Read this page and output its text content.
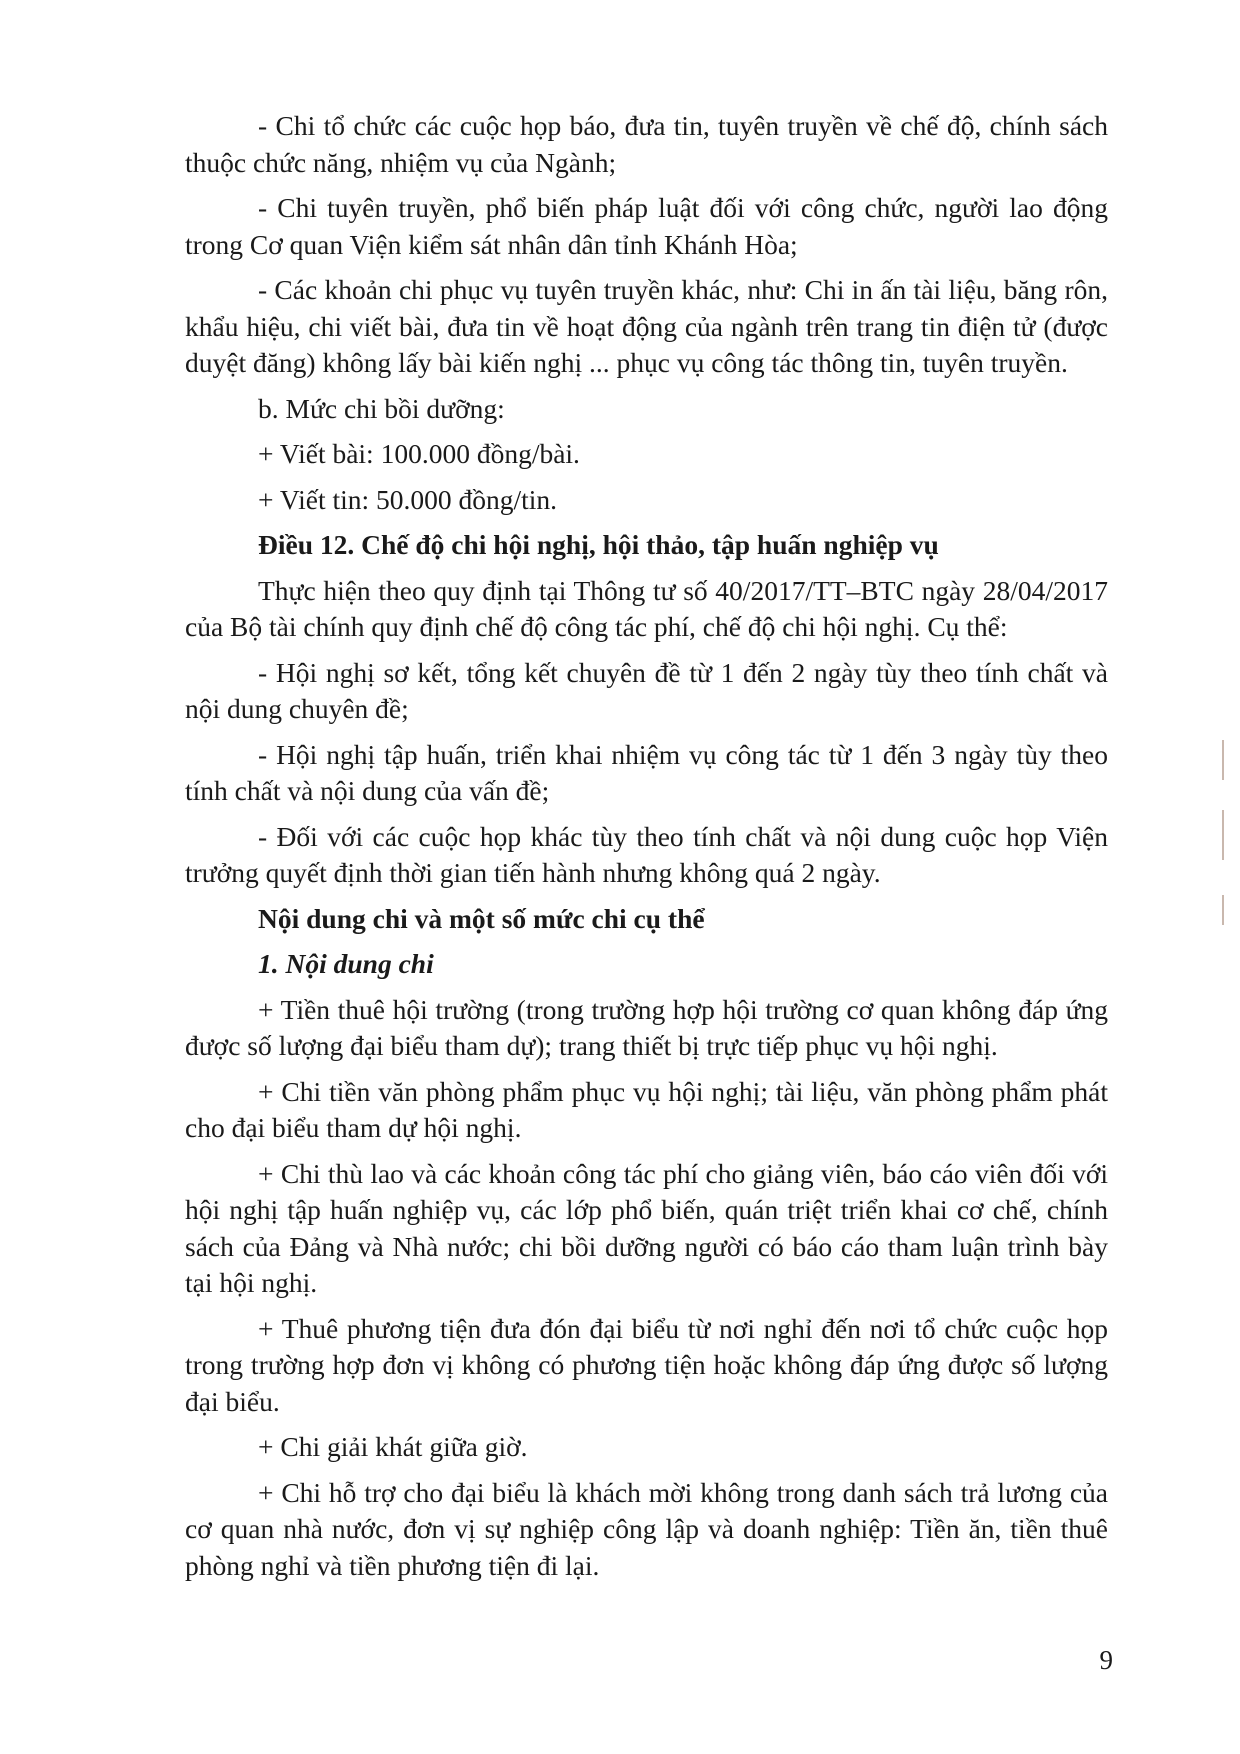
- Chi tổ chức các cuộc họp báo, đưa tin, tuyên truyền về chế độ, chính sách thuộc chức năng, nhiệm vụ của Ngành;

- Chi tuyên truyền, phổ biến pháp luật đối với công chức, người lao động trong Cơ quan Viện kiểm sát nhân dân tỉnh Khánh Hòa;

- Các khoản chi phục vụ tuyên truyền khác, như: Chi in ấn tài liệu, băng rôn, khẩu hiệu, chi viết bài, đưa tin về hoạt động của ngành trên trang tin điện tử (được duyệt đăng) không lấy bài kiến nghị ... phục vụ công tác thông tin, tuyên truyền.

b. Mức chi bồi dưỡng:

+ Viết bài: 100.000 đồng/bài.

+ Viết tin: 50.000 đồng/tin.

Điều 12. Chế độ chi hội nghị, hội thảo, tập huấn nghiệp vụ

Thực hiện theo quy định tại Thông tư số 40/2017/TT–BTC ngày 28/04/2017 của Bộ tài chính quy định chế độ công tác phí, chế độ chi hội nghị. Cụ thể:

- Hội nghị sơ kết, tổng kết chuyên đề từ 1 đến 2 ngày tùy theo tính chất và nội dung chuyên đề;

- Hội nghị tập huấn, triển khai nhiệm vụ công tác từ 1 đến 3 ngày tùy theo tính chất và nội dung của vấn đề;

- Đối với các cuộc họp khác tùy theo tính chất và nội dung cuộc họp Viện trưởng quyết định thời gian tiến hành nhưng không quá 2 ngày.

Nội dung chi và một số mức chi cụ thể

1. Nội dung chi

+ Tiền thuê hội trường (trong trường hợp hội trường cơ quan không đáp ứng được số lượng đại biểu tham dự); trang thiết bị trực tiếp phục vụ hội nghị.

+ Chi tiền văn phòng phẩm phục vụ hội nghị; tài liệu, văn phòng phẩm phát cho đại biểu tham dự hội nghị.

+ Chi thù lao và các khoản công tác phí cho giảng viên, báo cáo viên đối với hội nghị tập huấn nghiệp vụ, các lớp phổ biến, quán triệt triển khai cơ chế, chính sách của Đảng và Nhà nước; chi bồi dưỡng người có báo cáo tham luận trình bày tại hội nghị.

+ Thuê phương tiện đưa đón đại biểu từ nơi nghỉ đến nơi tổ chức cuộc họp trong trường hợp đơn vị không có phương tiện hoặc không đáp ứng được số lượng đại biểu.

+ Chi giải khát giữa giờ.

+ Chi hỗ trợ cho đại biểu là khách mời không trong danh sách trả lương của cơ quan nhà nước, đơn vị sự nghiệp công lập và doanh nghiệp: Tiền ăn, tiền thuê phòng nghỉ và tiền phương tiện đi lại.

9
